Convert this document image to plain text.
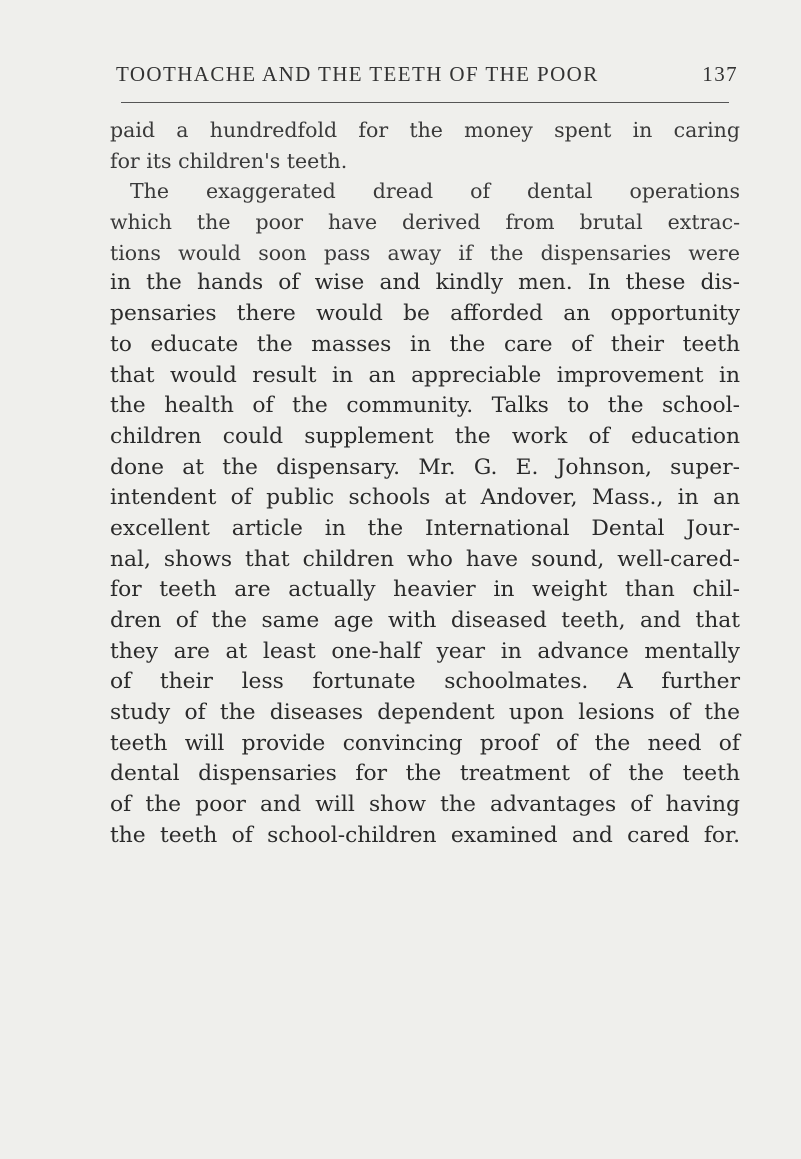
TOOTHACHE AND THE TEETH OF THE POOR	137
paid a hundredfold for the money spent in caring
for its children's teeth.
The exaggerated dread of dental operations
which the poor have derived from brutal extrac-
tions would soon pass away if the dispensaries were
in the hands of wise and kindly men. In these dis-
pensaries there would be afforded an opportunity
to educate the masses in the care of their teeth
that would result in an appreciable improvement in
the health of the community. Talks to the school-
children could supplement the work of education
done at the dispensary. Mr. G. E. Johnson, super-
intendent of public schools at Andover, Mass., in an
excellent article in the International Dental Jour-
nal, shows that children who have sound, well-cared-
for teeth are actually heavier in weight than chil-
dren of the same age with diseased teeth, and that
they are at least one-half year in advance mentally
of their less fortunate schoolmates. A further
study of the diseases dependent upon lesions of the
teeth will provide convincing proof of the need of
dental dispensaries for the treatment of the teeth
of the poor and will show the advantages of having
the teeth of school-children examined and cared for.
